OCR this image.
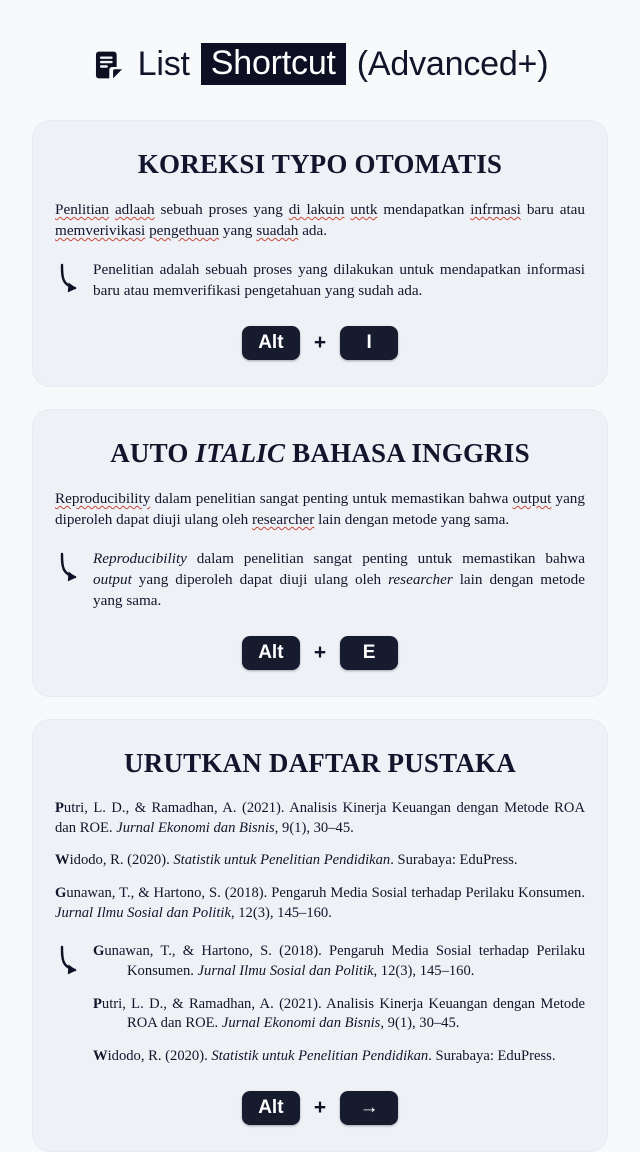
List Shortcut (Advanced+)
KOREKSI TYPO OTOMATIS

Penlitian adlaah sebuah proses yang di lakuin untk mendapatkan infrmasi baru atau memverivikasi pengethuan yang suadah ada.

Penelitian adalah sebuah proses yang dilakukan untuk mendapatkan informasi baru atau memverifikasi pengetahuan yang sudah ada.

Alt	+	I
AUTO ITALIC BAHASA INGGRIS

Reproducibility dalam penelitian sangat penting untuk memastikan bahwa output yang diperoleh dapat diuji ulang oleh researcher lain dengan metode yang sama.

Reproducibility dalam penelitian sangat penting untuk memastikan bahwa output yang diperoleh dapat diuji ulang oleh researcher lain dengan metode yang sama.

Alt	+	E
URUTKAN DAFTAR PUSTAKA

Putri, L. D., & Ramadhan, A. (2021). Analisis Kinerja Keuangan dengan Metode ROA dan ROE. Jurnal Ekonomi dan Bisnis, 9(1), 30–45.

Widodo, R. (2020). Statistik untuk Penelitian Pendidikan. Surabaya: EduPress.

Gunawan, T., & Hartono, S. (2018). Pengaruh Media Sosial terhadap Perilaku Konsumen. Jurnal Ilmu Sosial dan Politik, 12(3), 145–160.

Gunawan, T., & Hartono, S. (2018). Pengaruh Media Sosial terhadap Perilaku Konsumen. Jurnal Ilmu Sosial dan Politik, 12(3), 145–160.

Putri, L. D., & Ramadhan, A. (2021). Analisis Kinerja Keuangan dengan Metode ROA dan ROE. Jurnal Ekonomi dan Bisnis, 9(1), 30–45.

Widodo, R. (2020). Statistik untuk Penelitian Pendidikan. Surabaya: EduPress.

Alt	+	→
